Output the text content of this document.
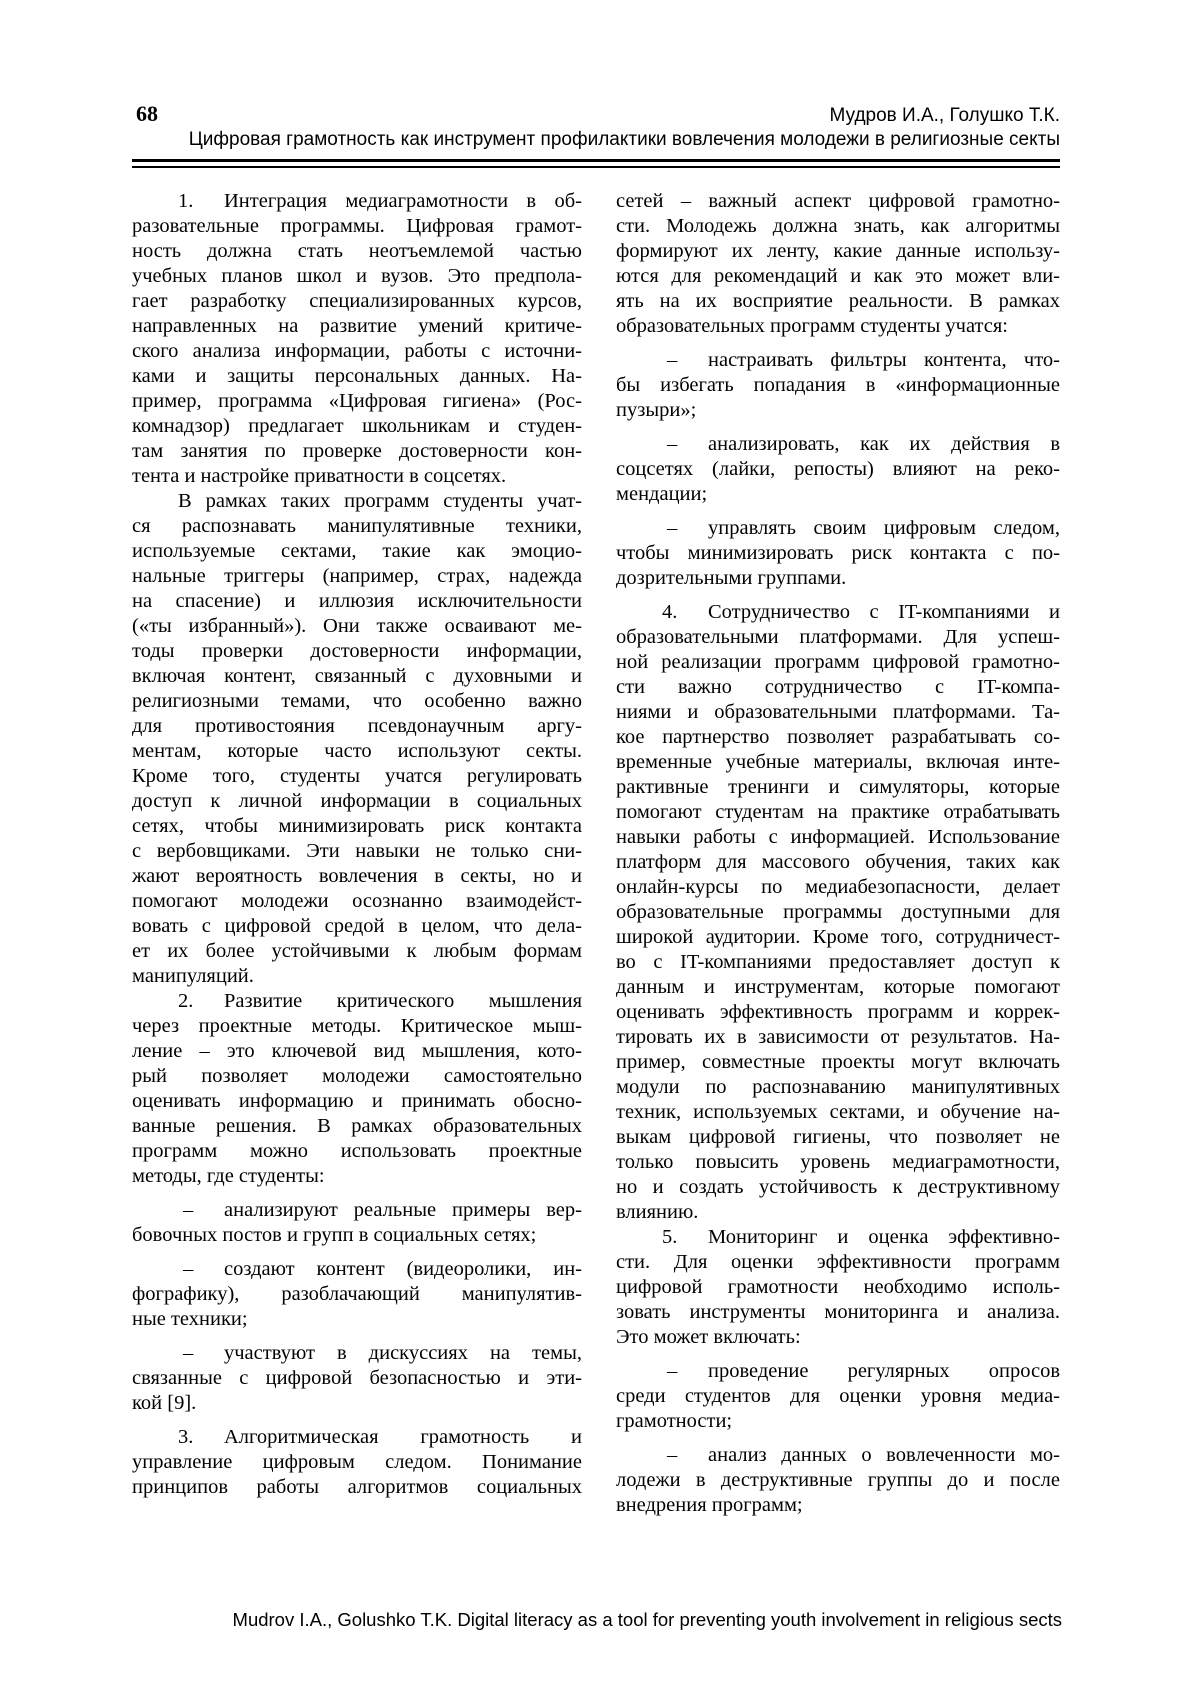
68	Мудров И.А., Голушко Т.К.
Цифровая грамотность как инструмент профилактики вовлечения молодежи в религиозные секты
1. Интеграция медиаграмотности в об-
разовательные программы. Цифровая грамот-
ность должна стать неотъемлемой частью
учебных планов школ и вузов. Это предпола-
гает разработку специализированных курсов,
направленных на развитие умений критиче-
ского анализа информации, работы с источни-
ками и защиты персональных данных. На-
пример, программа «Цифровая гигиена» (Рос-
комнадзор) предлагает школьникам и студен-
там занятия по проверке достоверности кон-
тента и настройке приватности в соцсетях.
В рамках таких программ студенты учат-
ся распознавать манипулятивные техники,
используемые сектами, такие как эмоцио-
нальные триггеры (например, страх, надежда
на спасение) и иллюзия исключительности
(«ты избранный»). Они также осваивают ме-
тоды проверки достоверности информации,
включая контент, связанный с духовными и
религиозными темами, что особенно важно
для противостояния псевдонаучным аргу-
ментам, которые часто используют секты.
Кроме того, студенты учатся регулировать
доступ к личной информации в социальных
сетях, чтобы минимизировать риск контакта
с вербовщиками. Эти навыки не только сни-
жают вероятность вовлечения в секты, но и
помогают молодежи осознанно взаимодейст-
вовать с цифровой средой в целом, что дела-
ет их более устойчивыми к любым формам
манипуляций.
2. Развитие критического мышления
через проектные методы. Критическое мыш-
ление – это ключевой вид мышления, кото-
рый позволяет молодежи самостоятельно
оценивать информацию и принимать обосно-
ванные решения. В рамках образовательных
программ можно использовать проектные
методы, где студенты:
– анализируют реальные примеры вер-
бовочных постов и групп в социальных сетях;
– создают контент (видеоролики, ин-
фографику), разоблачающий манипулятив-
ные техники;
– участвуют в дискуссиях на темы,
связанные с цифровой безопасностью и эти-
кой [9].
3. Алгоритмическая грамотность и
управление цифровым следом. Понимание
принципов работы алгоритмов социальных
сетей – важный аспект цифровой грамотно-
сти. Молодежь должна знать, как алгоритмы
формируют их ленту, какие данные использу-
ются для рекомендаций и как это может вли-
ять на их восприятие реальности. В рамках
образовательных программ студенты учатся:
– настраивать фильтры контента, что-
бы избегать попадания в «информационные
пузыри»;
– анализировать, как их действия в
соцсетях (лайки, репосты) влияют на реко-
мендации;
– управлять своим цифровым следом,
чтобы минимизировать риск контакта с по-
дозрительными группами.
4. Сотрудничество с IT-компаниями и
образовательными платформами. Для успеш-
ной реализации программ цифровой грамотно-
сти важно сотрудничество с IT-компа-
ниями и образовательными платформами. Та-
кое партнерство позволяет разрабатывать со-
временные учебные материалы, включая инте-
рактивные тренинги и симуляторы, которые
помогают студентам на практике отрабатывать
навыки работы с информацией. Использование
платформ для массового обучения, таких как
онлайн-курсы по медиабезопасности, делает
образовательные программы доступными для
широкой аудитории. Кроме того, сотрудничест-
во с IT-компаниями предоставляет доступ к
данным и инструментам, которые помогают
оценивать эффективность программ и коррек-
тировать их в зависимости от результатов. На-
пример, совместные проекты могут включать
модули по распознаванию манипулятивных
техник, используемых сектами, и обучение на-
выкам цифровой гигиены, что позволяет не
только повысить уровень медиаграмотности,
но и создать устойчивость к деструктивному
влиянию.
5. Мониторинг и оценка эффективно-
сти. Для оценки эффективности программ
цифровой грамотности необходимо исполь-
зовать инструменты мониторинга и анализа.
Это может включать:
– проведение регулярных опросов
среди студентов для оценки уровня медиа-
грамотности;
– анализ данных о вовлеченности мо-
лодежи в деструктивные группы до и после
внедрения программ;
Mudrov I.A., Golushko T.K. Digital literacy as a tool for preventing youth involvement in religious sects
